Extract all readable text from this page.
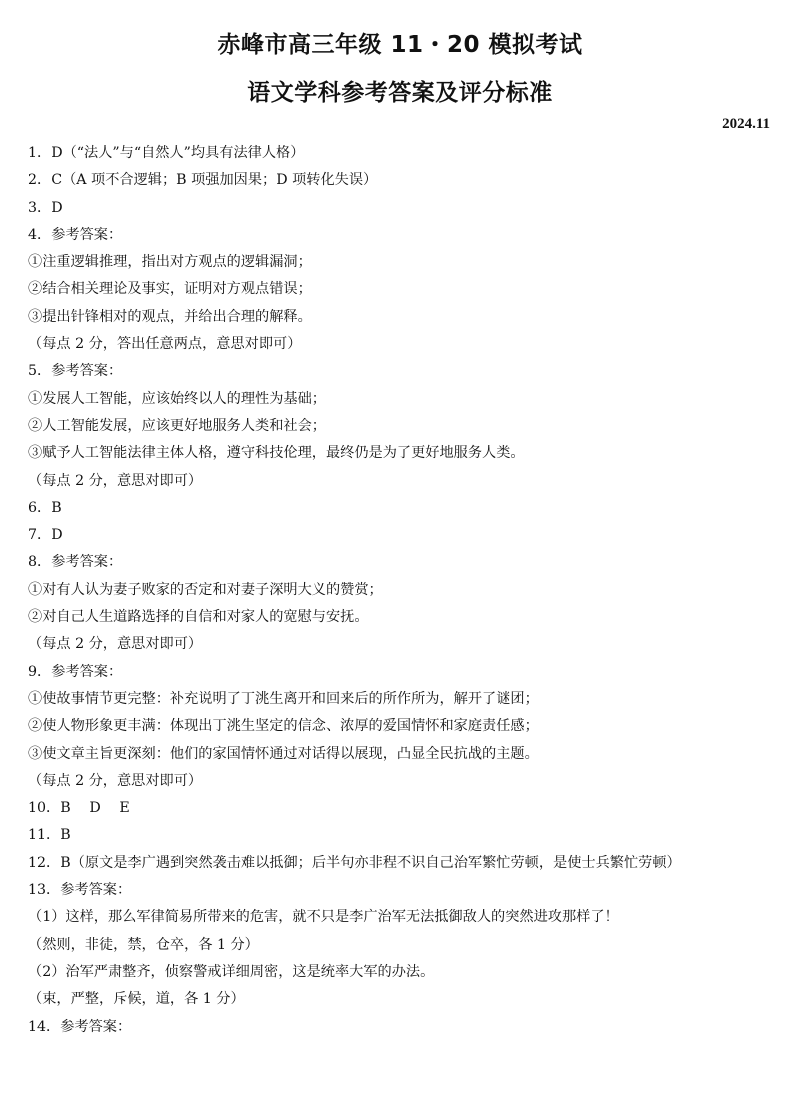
赤峰市高三年级 11・20 模拟考试
语文学科参考答案及评分标准
2024.11
1．D（“法人”与“自然人”均具有法律人格）
2．C（A 项不合逻辑；B 项强加因果；D 项转化失误）
3．D
4．参考答案：
①注重逻辑推理，指出对方观点的逻辑漏洞；
②结合相关理论及事实，证明对方观点错误；
③提出针锋相对的观点，并给出合理的解释。
（每点 2 分，答出任意两点，意思对即可）
5．参考答案：
①发展人工智能，应该始终以人的理性为基础；
②人工智能发展，应该更好地服务人类和社会；
③赋予人工智能法律主体人格，遵守科技伦理，最终仍是为了更好地服务人类。
（每点 2 分，意思对即可）
6．B
7．D
8．参考答案：
①对有人认为妻子败家的否定和对妻子深明大义的赞赏；
②对自己人生道路选择的自信和对家人的宽慰与安抚。
（每点 2 分，意思对即可）
9．参考答案：
①使故事情节更完整：补充说明了丁洮生离开和回来后的所作所为，解开了谜团；
②使人物形象更丰满：体现出丁洮生坚定的信念、浓厚的爱国情怀和家庭责任感；
③使文章主旨更深刻：他们的家国情怀通过对话得以展现，凸显全民抗战的主题。
（每点 2 分，意思对即可）
10．B　 D　 E
11．B
12．B（原文是李广遇到突然袭击难以抵御；后半句亦非程不识自己治军繁忙劳顿，是使士兵繁忙劳顿）
13．参考答案：
（1）这样，那么军律简易所带来的危害，就不只是李广治军无法抵御敌人的突然进攻那样了！
（然则，非徒，禁，仓卒，各 1 分）
（2）治军严肃整齐，侦察警戒详细周密，这是统率大军的办法。
（束，严整，斥候，道，各 1 分）
14．参考答案：
